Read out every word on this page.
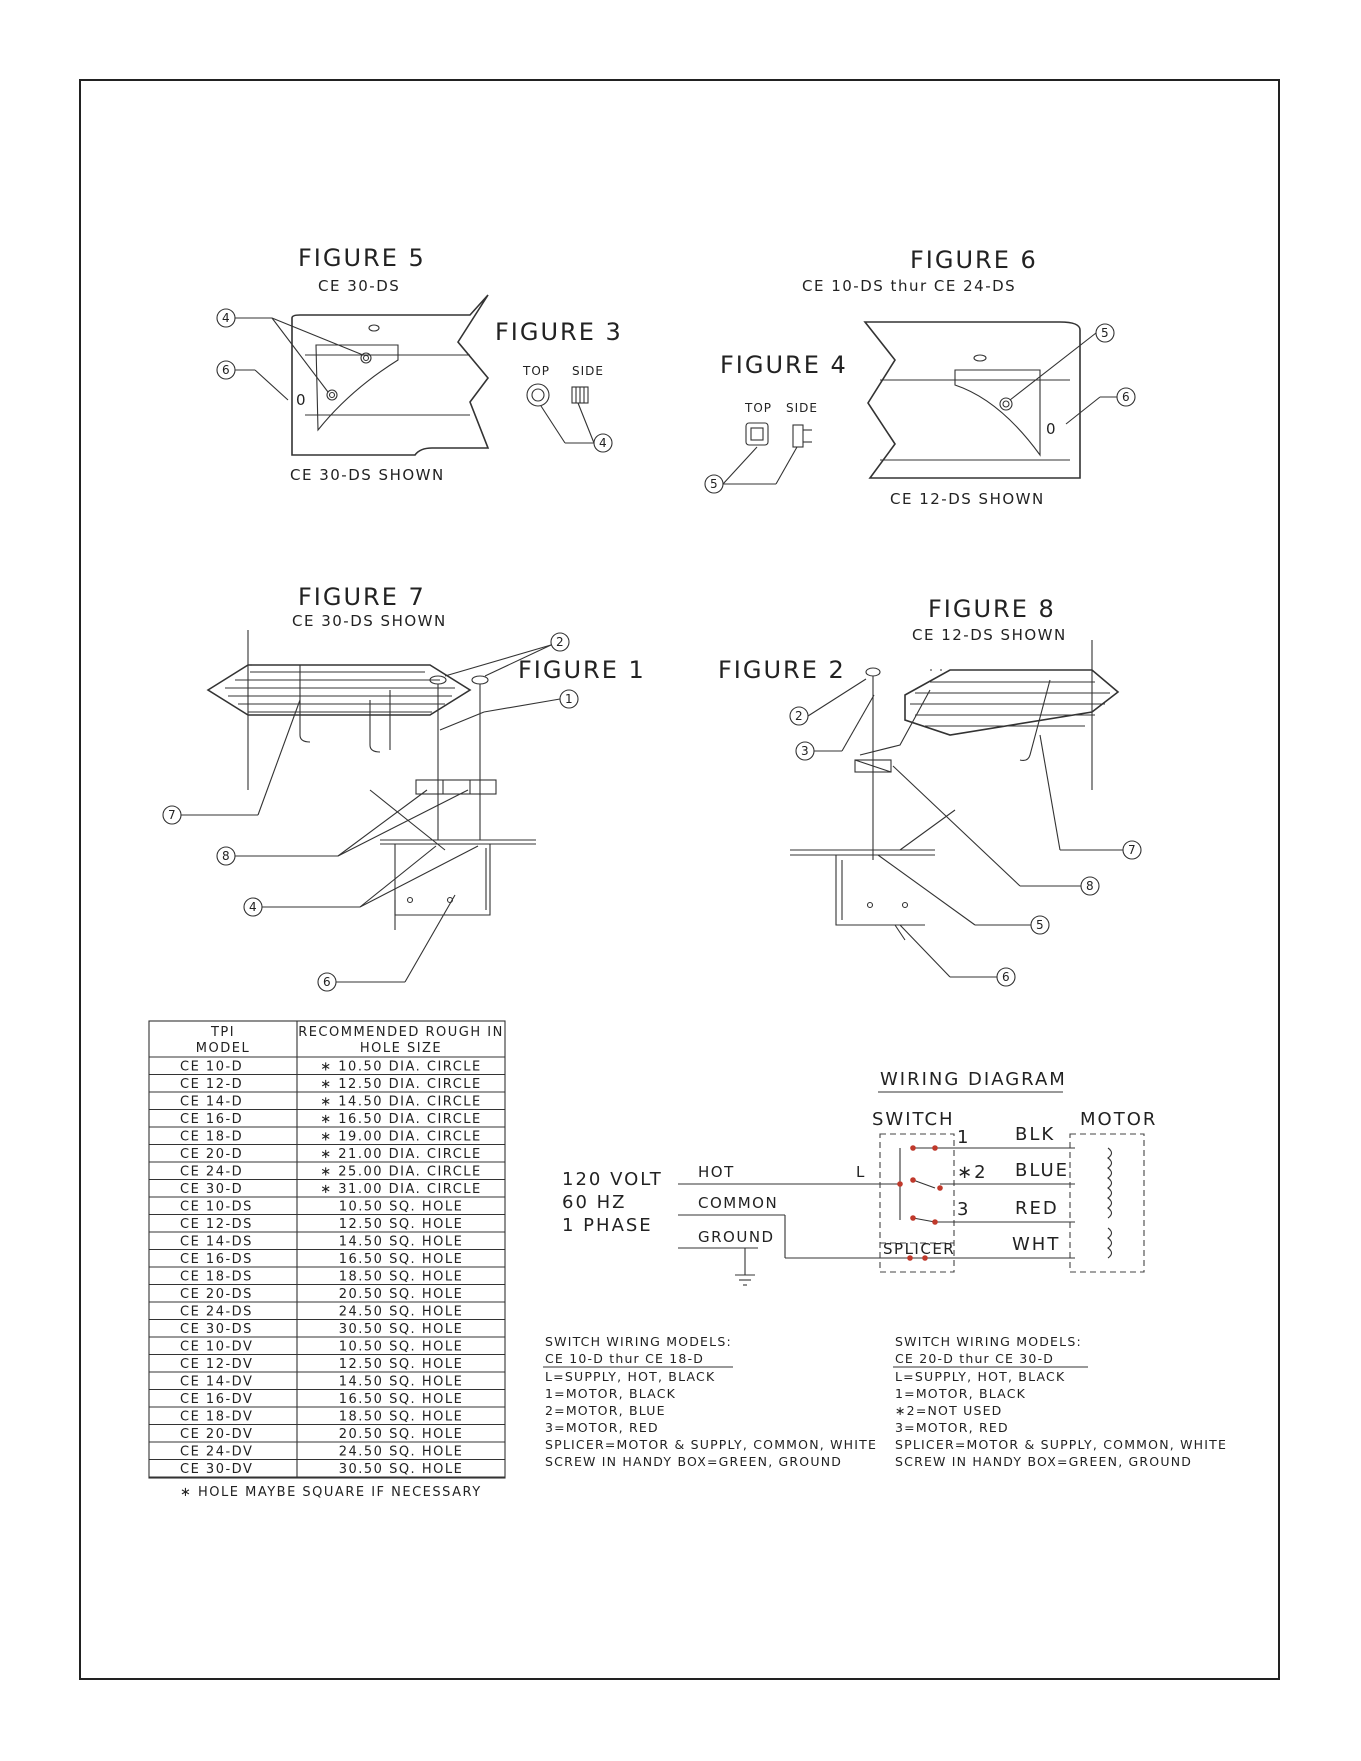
FIGURE 5
CE 30-DS
0
4
6
CE 30-DS SHOWN
FIGURE 3
TOP SIDE
4
FIGURE 6
CE 10-DS thur CE 24-DS
0
5
6
CE 12-DS SHOWN
FIGURE 4
TOP SIDE
5
FIGURE 7
CE 30-DS SHOWN
2
1
7
8
4
6
FIGURE 1
FIGURE 8
CE 12-DS SHOWN
2
3
7
8
5
6
FIGURE 2
TPI
MODEL
RECOMMENDED ROUGH IN
HOLE SIZE
CE 10-D	∗ 10.50 DIA. CIRCLE
CE 12-D	∗ 12.50 DIA. CIRCLE
CE 14-D	∗ 14.50 DIA. CIRCLE
CE 16-D	∗ 16.50 DIA. CIRCLE
CE 18-D	∗ 19.00 DIA. CIRCLE
CE 20-D	∗ 21.00 DIA. CIRCLE
CE 24-D	∗ 25.00 DIA. CIRCLE
CE 30-D	∗ 31.00 DIA. CIRCLE
CE 10-DS	10.50 SQ. HOLE
CE 12-DS	12.50 SQ. HOLE
CE 14-DS	14.50 SQ. HOLE
CE 16-DS	16.50 SQ. HOLE
CE 18-DS	18.50 SQ. HOLE
CE 20-DS	20.50 SQ. HOLE
CE 24-DS	24.50 SQ. HOLE
CE 30-DS	30.50 SQ. HOLE
CE 10-DV	10.50 SQ. HOLE
CE 12-DV	12.50 SQ. HOLE
CE 14-DV	14.50 SQ. HOLE
CE 16-DV	16.50 SQ. HOLE
CE 18-DV	18.50 SQ. HOLE
CE 20-DV	20.50 SQ. HOLE
CE 24-DV	24.50 SQ. HOLE
CE 30-DV	30.50 SQ. HOLE
∗ HOLE MAYBE SQUARE IF NECESSARY
WIRING DIAGRAM
SWITCH	MOTOR
120 VOLT
60 HZ
1 PHASE
HOT
COMMON
GROUND
L
1
∗2
3
SPLICER
BLK
BLUE
RED
WHT
SWITCH WIRING MODELS:
CE 10-D thur CE 18-D
L=SUPPLY, HOT, BLACK
1=MOTOR, BLACK
2=MOTOR, BLUE
3=MOTOR, RED
SPLICER=MOTOR & SUPPLY, COMMON, WHITE
SCREW IN HANDY BOX=GREEN, GROUND
SWITCH WIRING MODELS:
CE 20-D thur CE 30-D
L=SUPPLY, HOT, BLACK
1=MOTOR, BLACK
∗2=NOT USED
3=MOTOR, RED
SPLICER=MOTOR & SUPPLY, COMMON, WHITE
SCREW IN HANDY BOX=GREEN, GROUND
